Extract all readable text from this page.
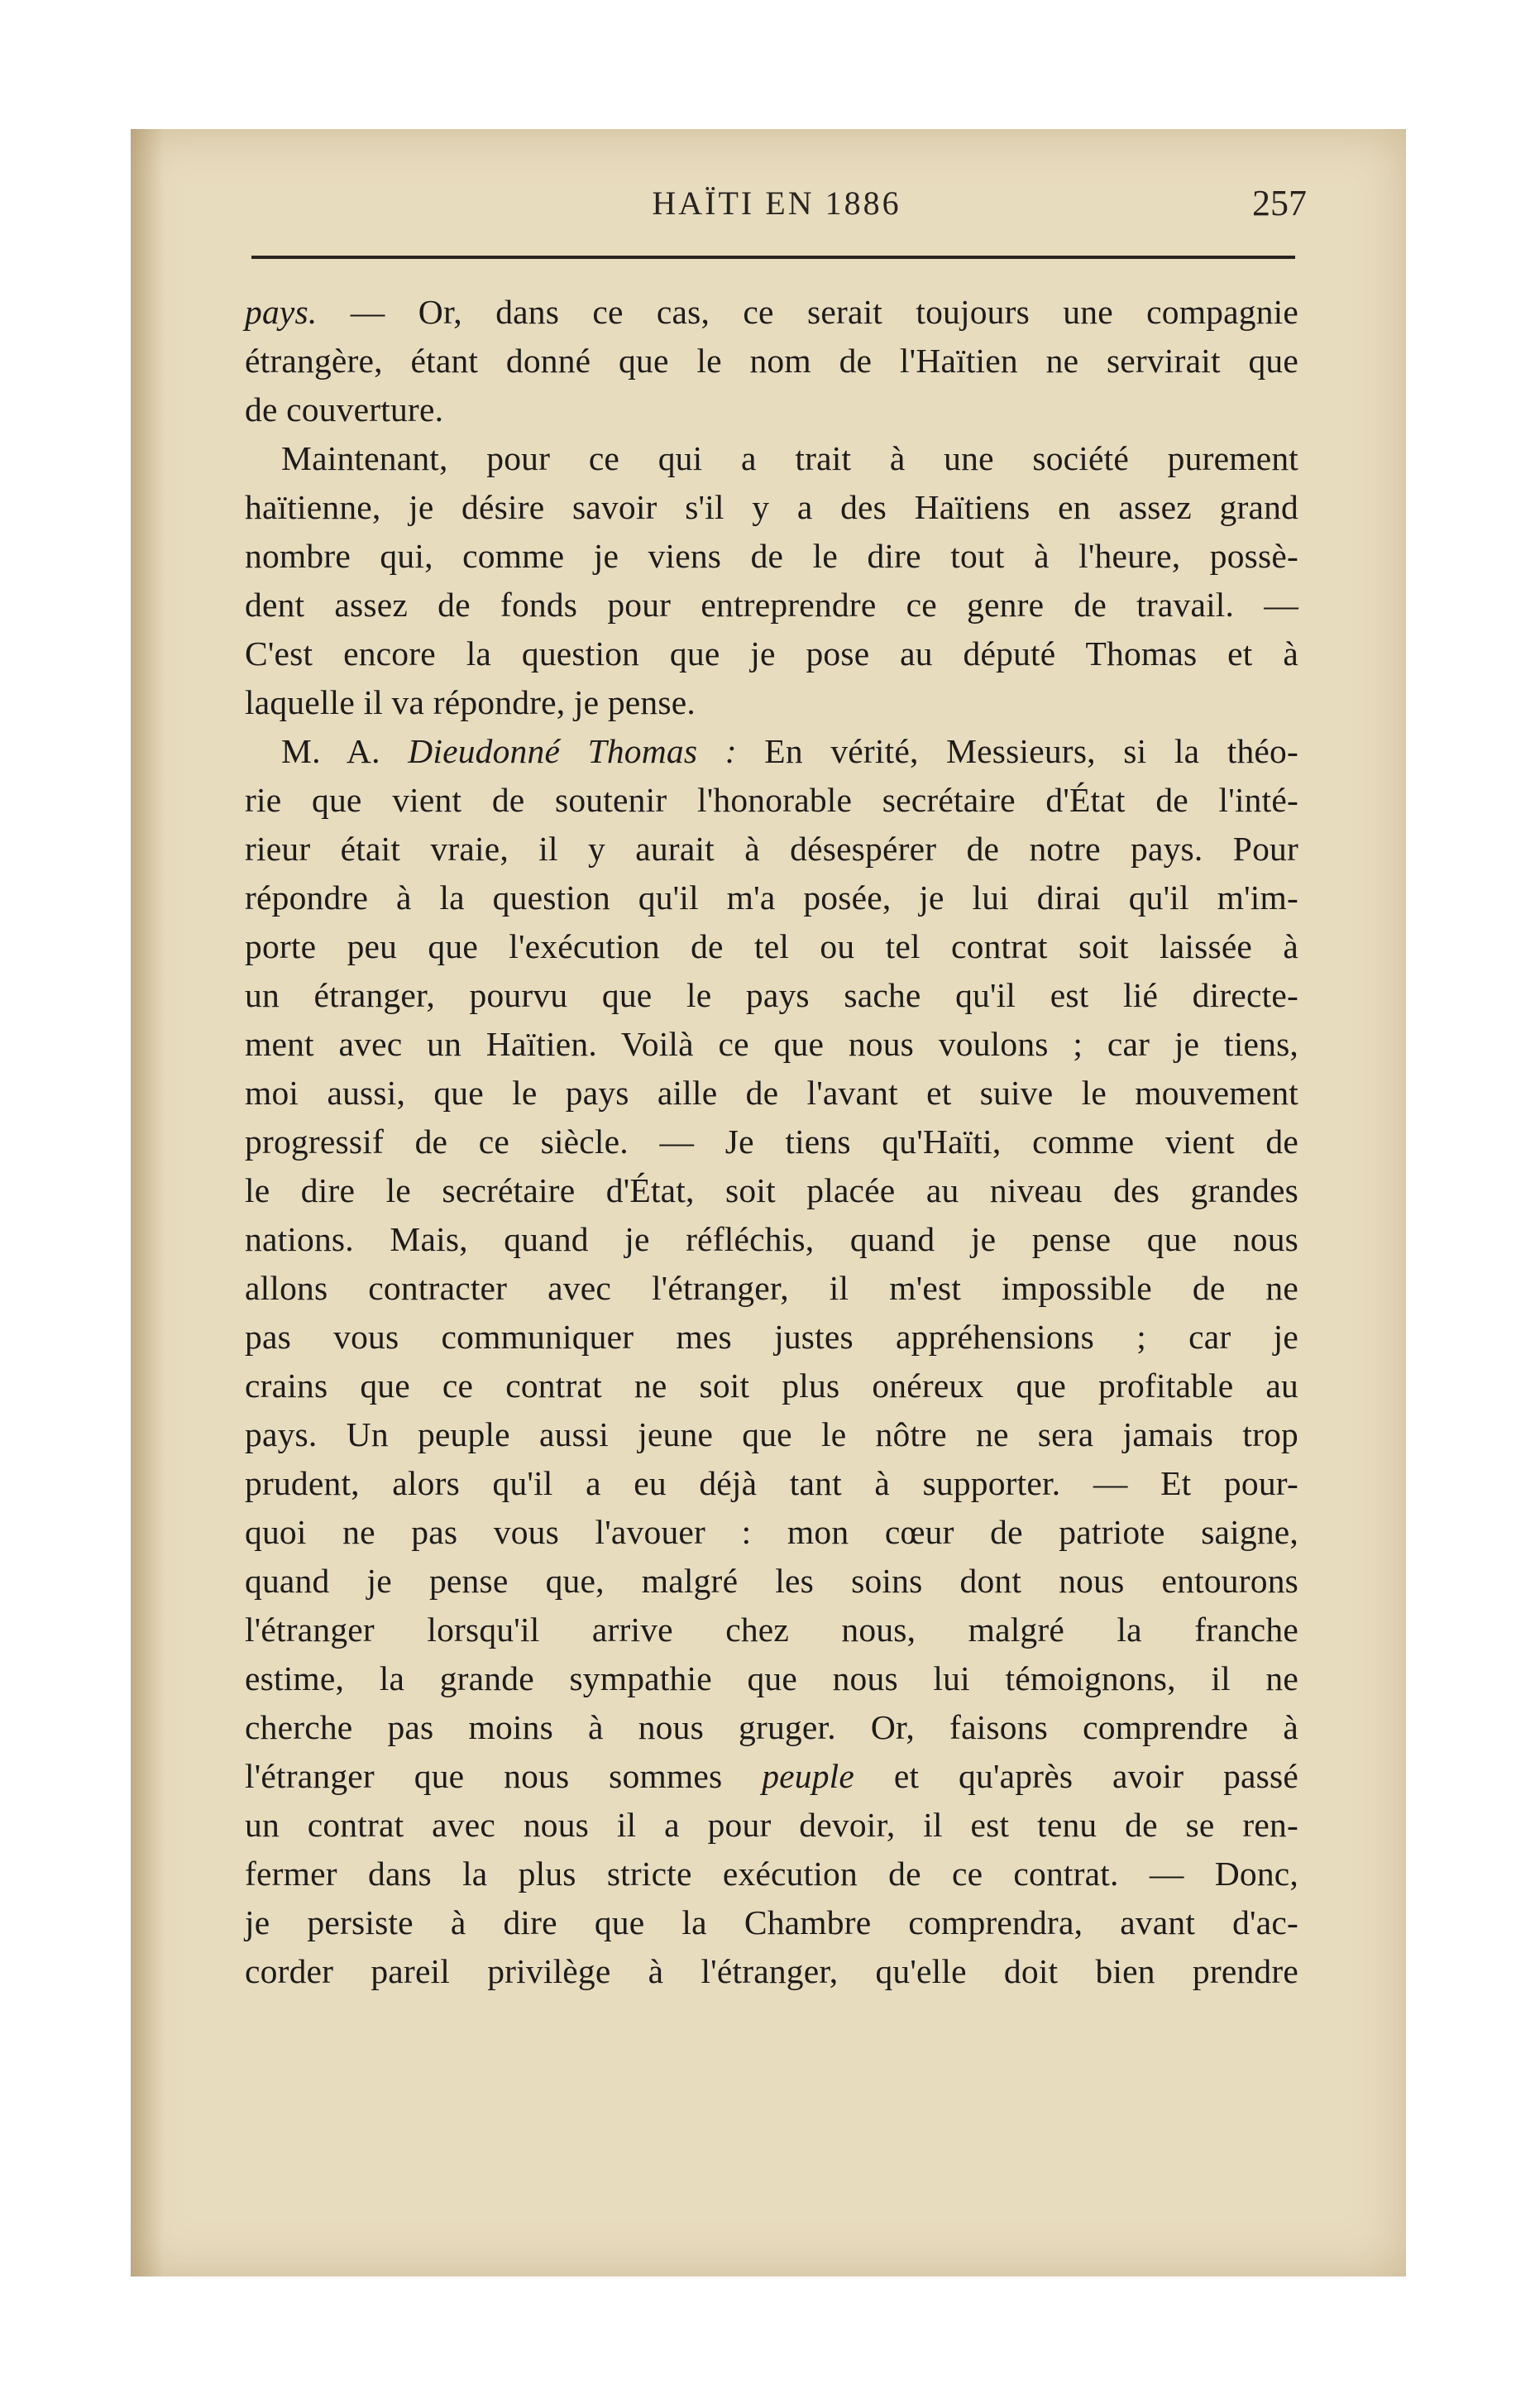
HAÏTI EN 1886	257
pays. — Or, dans ce cas, ce serait toujours une compagnie
étrangère, étant donné que le nom de l'Haïtien ne servirait que
de couverture.
Maintenant, pour ce qui a trait à une société purement
haïtienne, je désire savoir s'il y a des Haïtiens en assez grand
nombre qui, comme je viens de le dire tout à l'heure, possè-
dent assez de fonds pour entreprendre ce genre de travail. —
C'est encore la question que je pose au député Thomas et à
laquelle il va répondre, je pense.
M. A. Dieudonné Thomas : En vérité, Messieurs, si la théo-
rie que vient de soutenir l'honorable secrétaire d'État de l'inté-
rieur était vraie, il y aurait à désespérer de notre pays. Pour
répondre à la question qu'il m'a posée, je lui dirai qu'il m'im-
porte peu que l'exécution de tel ou tel contrat soit laissée à
un étranger, pourvu que le pays sache qu'il est lié directe-
ment avec un Haïtien. Voilà ce que nous voulons ; car je tiens,
moi aussi, que le pays aille de l'avant et suive le mouvement
progressif de ce siècle. — Je tiens qu'Haïti, comme vient de
le dire le secrétaire d'État, soit placée au niveau des grandes
nations. Mais, quand je réfléchis, quand je pense que nous
allons contracter avec l'étranger, il m'est impossible de ne
pas vous communiquer mes justes appréhensions ; car je
crains que ce contrat ne soit plus onéreux que profitable au
pays. Un peuple aussi jeune que le nôtre ne sera jamais trop
prudent, alors qu'il a eu déjà tant à supporter. — Et pour-
quoi ne pas vous l'avouer : mon cœur de patriote saigne,
quand je pense que, malgré les soins dont nous entourons
l'étranger lorsqu'il arrive chez nous, malgré la franche
estime, la grande sympathie que nous lui témoignons, il ne
cherche pas moins à nous gruger. Or, faisons comprendre à
l'étranger que nous sommes peuple et qu'après avoir passé
un contrat avec nous il a pour devoir, il est tenu de se ren-
fermer dans la plus stricte exécution de ce contrat. — Donc,
je persiste à dire que la Chambre comprendra, avant d'ac-
corder pareil privilège à l'étranger, qu'elle doit bien prendre
